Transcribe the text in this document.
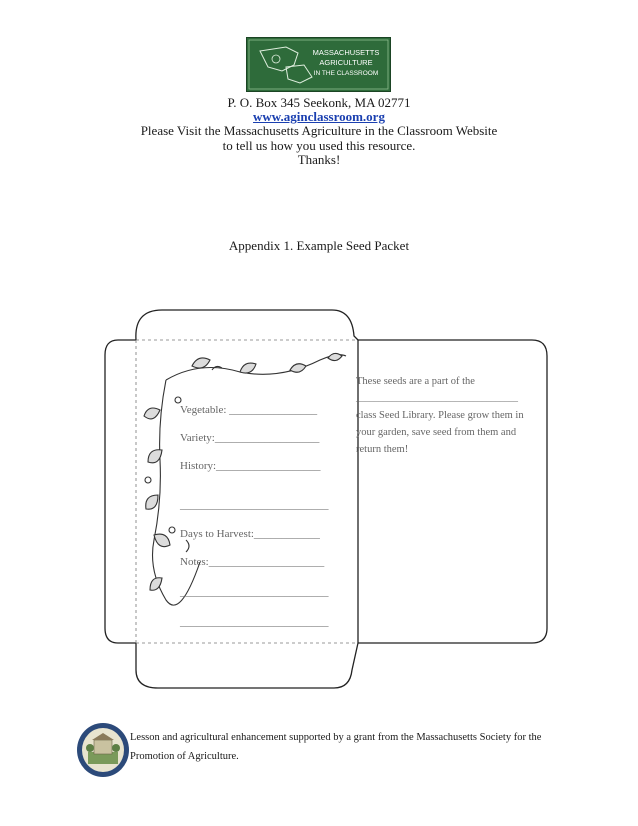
MASSACHUSETTS
AGRICULTURE
IN THE CLASSROOM
P. O. Box 345 Seekonk, MA 02771
www.aginclassroom.org
Please Visit the Massachusetts Agriculture in the Classroom Website
to tell us how you used this resource.
Thanks!
Appendix 1. Example Seed Packet
Vegetable: ________________
Variety:___________________
History:___________________
___________________________
Days to Harvest:____________
Notes:_____________________
___________________________
___________________________
These seeds are a part of the
____________________________________
class Seed Library. Please grow them in
your garden, save seed from them and
return them!
Lesson and agricultural enhancement supported by a grant from the Massachusetts Society for the
Promotion of Agriculture.
